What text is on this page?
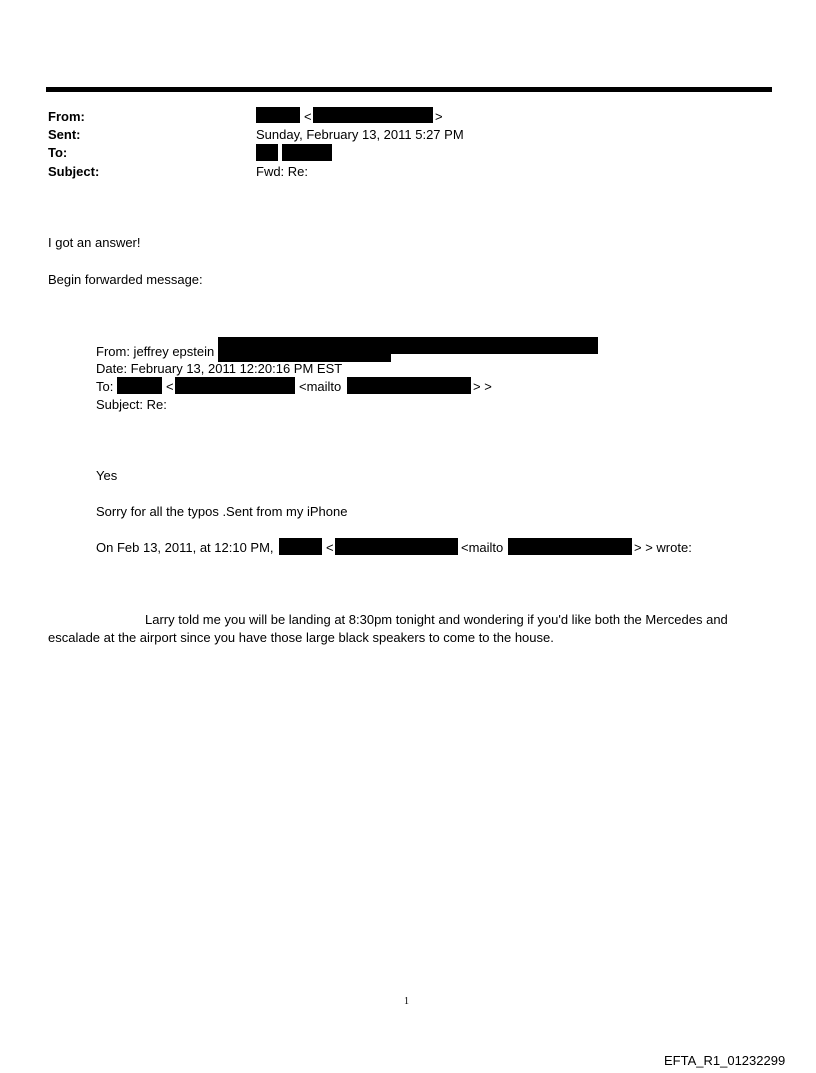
From:	<	>
Sent:	Sunday, February 13, 2011 5:27 PM
To:
Subject:	Fwd: Re:
I got an answer!
Begin forwarded message:
From: jeffrey epstein
Date: February 13, 2011 12:20:16 PM EST
To:	<	<mailto	> >
Subject: Re:
Yes
Sorry for all the typos .Sent from my iPhone
On Feb 13, 2011, at 12:10 PM,	<	<mailto	> > wrote:
Larry told me you will be landing at 8:30pm tonight and wondering if you'd like both the Mercedes and
escalade at the airport since you have those large black speakers to come to the house.
1
EFTA_R1_01232299
